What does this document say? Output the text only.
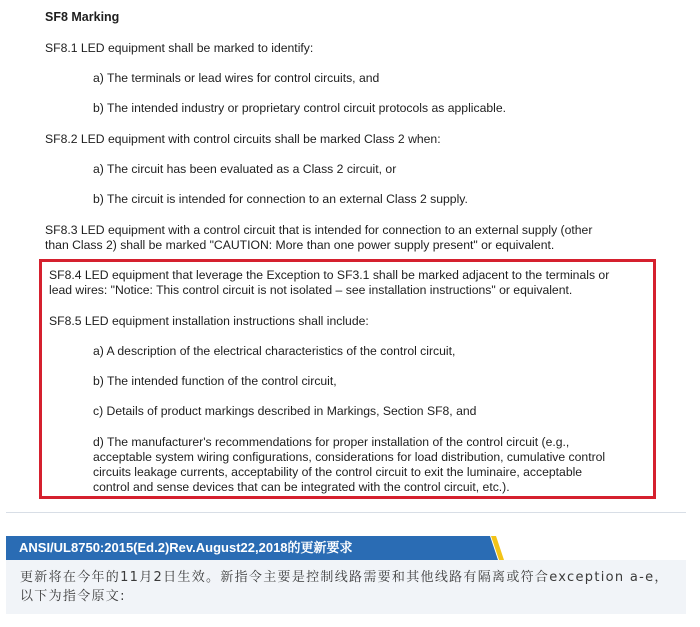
SF8 Marking
SF8.1 LED equipment shall be marked to identify:
a) The terminals or lead wires for control circuits, and
b) The intended industry or proprietary control circuit protocols as applicable.
SF8.2 LED equipment with control circuits shall be marked Class 2 when:
a) The circuit has been evaluated as a Class 2 circuit, or
b) The circuit is intended for connection to an external Class 2 supply.
SF8.3 LED equipment with a control circuit that is intended for connection to an external supply (other
than Class 2) shall be marked "CAUTION: More than one power supply present" or equivalent.
SF8.4 LED equipment that leverage the Exception to SF3.1 shall be marked adjacent to the terminals or
lead wires: "Notice: This control circuit is not isolated – see installation instructions" or equivalent.
SF8.5 LED equipment installation instructions shall include:
a) A description of the electrical characteristics of the control circuit,
b) The intended function of the control circuit,
c) Details of product markings described in Markings, Section SF8, and
d) The manufacturer's recommendations for proper installation of the control circuit (e.g.,
acceptable system wiring configurations, considerations for load distribution, cumulative control
circuits leakage currents, acceptability of the control circuit to exit the luminaire, acceptable
control and sense devices that can be integrated with the control circuit, etc.).
ANSI/UL8750:2015(Ed.2)Rev.August22,2018的更新要求
更新将在今年的11月2日生效。新指令主要是控制线路需要和其他线路有隔离或符合exception a-e，以下为指令原文:
